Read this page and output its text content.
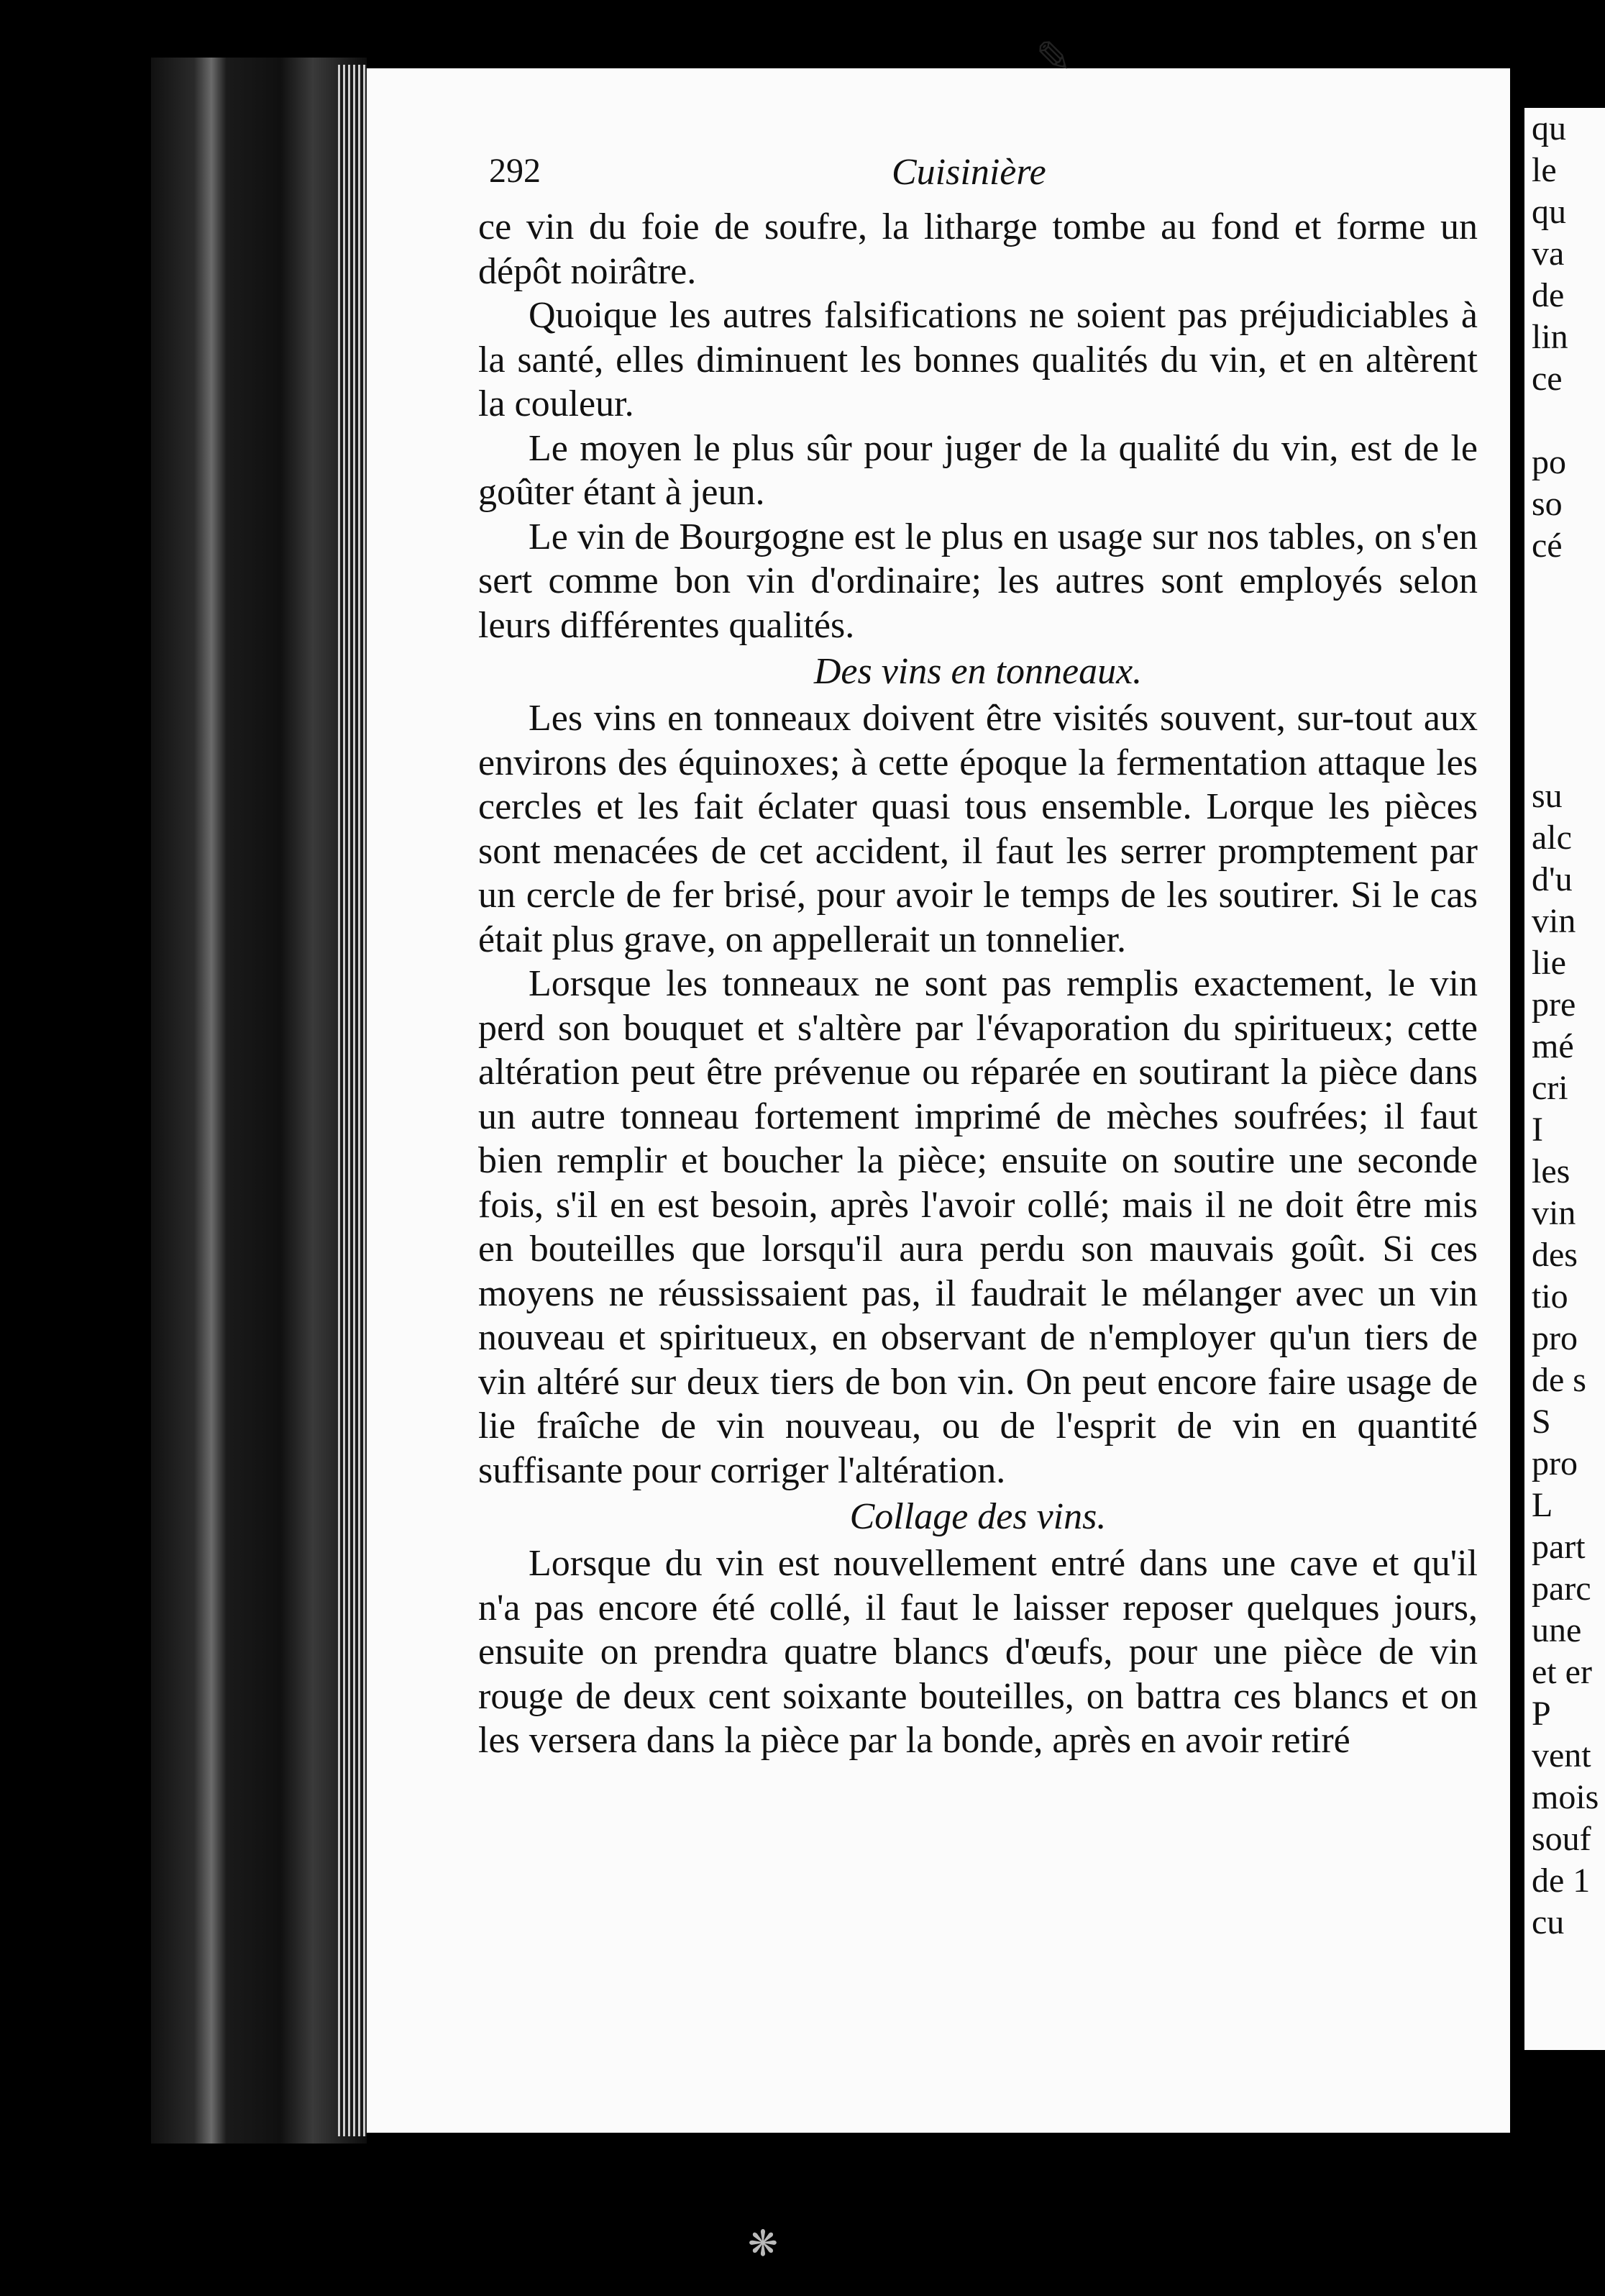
292	Cuisinière

ce vin du foie de soufre, la litharge tombe au fond et forme un dépôt noirâtre.

Quoique les autres falsifications ne soient pas préjudiciables à la santé, elles diminuent les bonnes qualités du vin, et en altèrent la couleur.

Le moyen le plus sûr pour juger de la qualité du vin, est de le goûter étant à jeun.

Le vin de Bourgogne est le plus en usage sur nos tables, on s'en sert comme bon vin d'ordinaire; les autres sont employés selon leurs différentes qualités.

Des vins en tonneaux.

Les vins en tonneaux doivent être visités souvent, sur-tout aux environs des équinoxes; à cette époque la fermentation attaque les cercles et les fait éclater quasi tous ensemble. Lorque les pièces sont menacées de cet accident, il faut les serrer promptement par un cercle de fer brisé, pour avoir le temps de les soutirer. Si le cas était plus grave, on appellerait un tonnelier.

Lorsque les tonneaux ne sont pas remplis exactement, le vin perd son bouquet et s'altère par l'évaporation du spiritueux; cette altération peut être prévenue ou réparée en soutirant la pièce dans un autre tonneau fortement imprimé de mèches soufrées; il faut bien remplir et boucher la pièce; ensuite on soutire une seconde fois, s'il en est besoin, après l'avoir collé; mais il ne doit être mis en bouteilles que lorsqu'il aura perdu son mauvais goût. Si ces moyens ne réussissaient pas, il faudrait le mélanger avec un vin nouveau et spiritueux, en observant de n'employer qu'un tiers de vin altéré sur deux tiers de bon vin. On peut encore faire usage de lie fraîche de vin nouveau, ou de l'esprit de vin en quantité suffisante pour corriger l'altération.

Collage des vins.

Lorsque du vin est nouvellement entré dans une cave et qu'il n'a pas encore été collé, il faut le laisser reposer quelques jours, ensuite on prendra quatre blancs d'œufs, pour une pièce de vin rouge de deux cent soixante bouteilles, on battra ces blancs et on les versera dans la pièce par la bonde, après en avoir retiré

qu
le
qu
va
de
lin
ce
po
so
cé
su
alc
d'u
vin
lie
pre
mé
cri
I
les
vin
des
tio
pro
de s
S
pro
L
part
parc
une
et er
P
vent
mois
souf
de 1
cu
✎
❋
